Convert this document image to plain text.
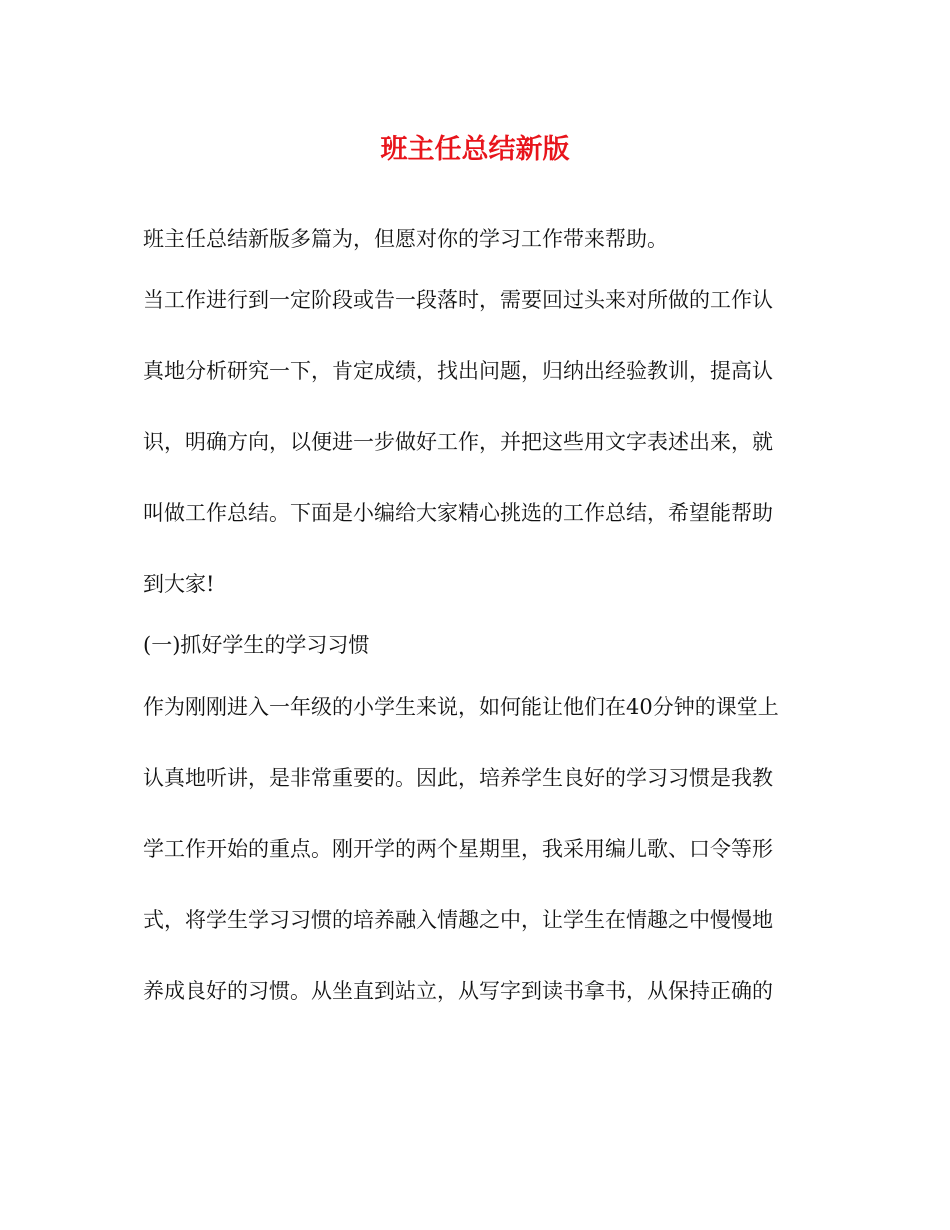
班主任总结新版

班主任总结新版多篇为，但愿对你的学习工作带来帮助。

当工作进行到一定阶段或告一段落时，需要回过头来对所做的工作认

真地分析研究一下，肯定成绩，找出问题，归纳出经验教训，提高认

识，明确方向，以便进一步做好工作，并把这些用文字表述出来，就

叫做工作总结。下面是小编给大家精心挑选的工作总结，希望能帮助

到大家!

(一)抓好学生的学习习惯

作为刚刚进入一年级的小学生来说，如何能让他们在40分钟的课堂上

认真地听讲，是非常重要的。因此，培养学生良好的学习习惯是我教

学工作开始的重点。刚开学的两个星期里，我采用编儿歌、口令等形

式，将学生学习习惯的培养融入情趣之中，让学生在情趣之中慢慢地

养成良好的习惯。从坐直到站立，从写字到读书拿书，从保持正确的
